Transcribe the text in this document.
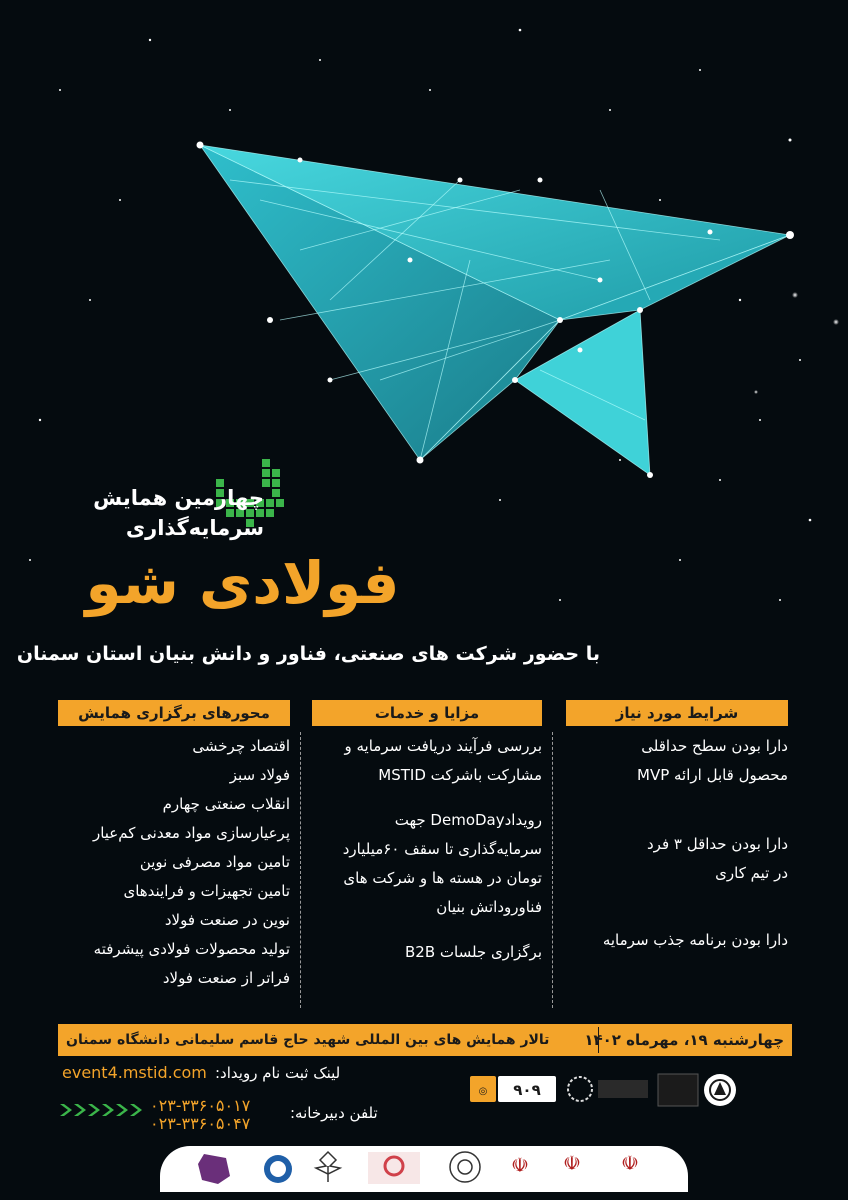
چهارمین همایش
سرمایه‌گذاری
فولادی شو
با حضور شرکت های صنعتی، فناور و دانش بنیان استان سمنان
شرایط مورد نیاز
مزایا و خدمات
محورهای برگزاری همایش
دارا بودن سطح حداقلی
محصول قابل ارائه MVP
دارا بودن حداقل ۳ فرد
در تیم کاری
دارا بودن برنامه جذب سرمایه
بررسی فرآیند دریافت سرمایه و
مشارکت باشرکت MSTID
رویدادDemoDay جهت
سرمایه‌گذاری تا سقف ۶۰میلیارد
تومان در هسته ها و شرکت های
فناوروداتش بنیان
برگزاری جلسات B2B
اقتصاد چرخشی
فولاد سبز
انقلاب صنعتی چهارم
پرعیارسازی مواد معدنی کم‌عیار
تامین مواد مصرفی نوین
تامین تجهیزات و فرایندهای
نوین در صنعت فولاد
تولید محصولات فولادی پیشرفته
فراتر از صنعت فولاد
چهارشنبه ۱۹، مهرماه ۱۴۰۲
تالار همایش های بین المللی شهید حاج قاسم سلیمانی دانشگاه سمنان
لینک ثبت نام رویداد:
event4.mstid.com
تلفن دبیرخانه:
۰۲۳-۳۳۶۰۵۰۱۷
۰۲۳-۳۳۶۰۵۰۴۷
◎ ۹۰۹
☫ ☫ ☫
